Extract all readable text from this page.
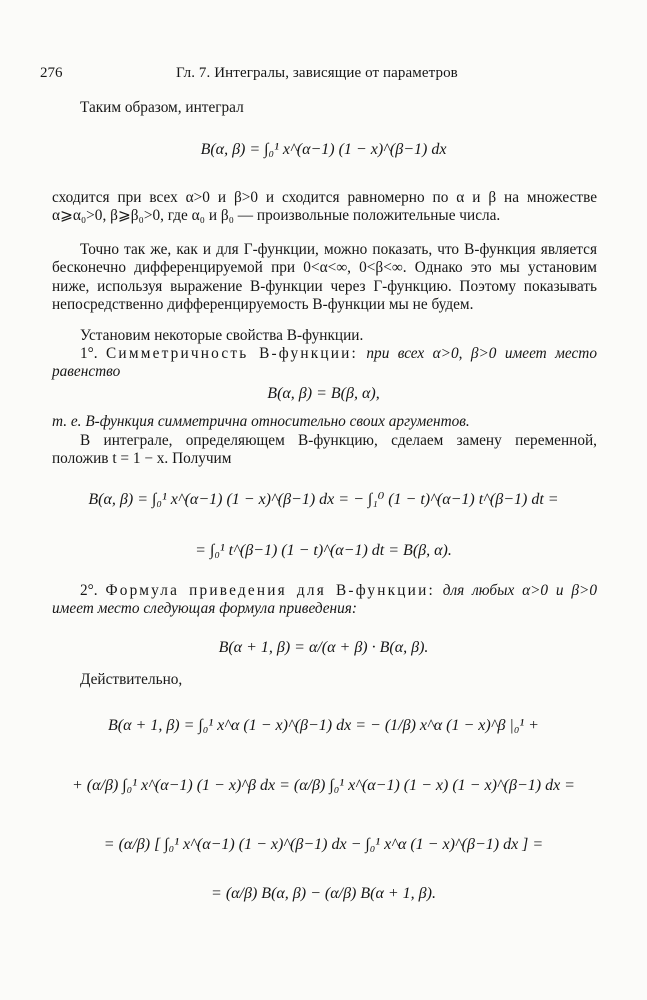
276	Гл. 7. Интегралы, зависящие от параметров

Таким образом, интеграл

B(α, β) = ∫₀¹ x^(α−1) (1 − x)^(β−1) dx

сходится при всех α>0 и β>0 и сходится равномерно по α и β на множестве α⩾α₀>0, β⩾β₀>0, где α₀ и β₀ — произвольные положительные числа.

Точно так же, как и для Г-функции, можно показать, что B-функция является бесконечно дифференцируемой при 0<α<∞, 0<β<∞. Однако это мы установим ниже, используя выражение B-функции через Г-функцию. Поэтому показывать непосредственно дифференцируемость B-функции мы не будем.

Установим некоторые свойства B-функции.

1°. Симметричность B-функции: при всех α>0, β>0 имеет место равенство

B(α, β) = B(β, α),

т. е. B-функция симметрична относительно своих аргументов.

В интеграле, определяющем B-функцию, сделаем замену переменной, положив t = 1 − x. Получим

B(α, β) = ∫₀¹ x^(α−1) (1 − x)^(β−1) dx = − ∫₁⁰ (1 − t)^(α−1) t^(β−1) dt =
= ∫₀¹ t^(β−1) (1 − t)^(α−1) dt = B(β, α).

2°. Формула приведения для B-функции: для любых α>0 и β>0 имеет место следующая формула приведения:

B(α + 1, β) = α/(α + β) · B(α, β).

Действительно,

B(α + 1, β) = ∫₀¹ x^α (1 − x)^(β−1) dx = − (1/β) x^α (1 − x)^β |₀¹ +
+ (α/β) ∫₀¹ x^(α−1) (1 − x)^β dx = (α/β) ∫₀¹ x^(α−1) (1 − x) (1 − x)^(β−1) dx =
= (α/β) [ ∫₀¹ x^(α−1) (1 − x)^(β−1) dx − ∫₀¹ x^α (1 − x)^(β−1) dx ] =
= (α/β) B(α, β) − (α/β) B(α + 1, β).
